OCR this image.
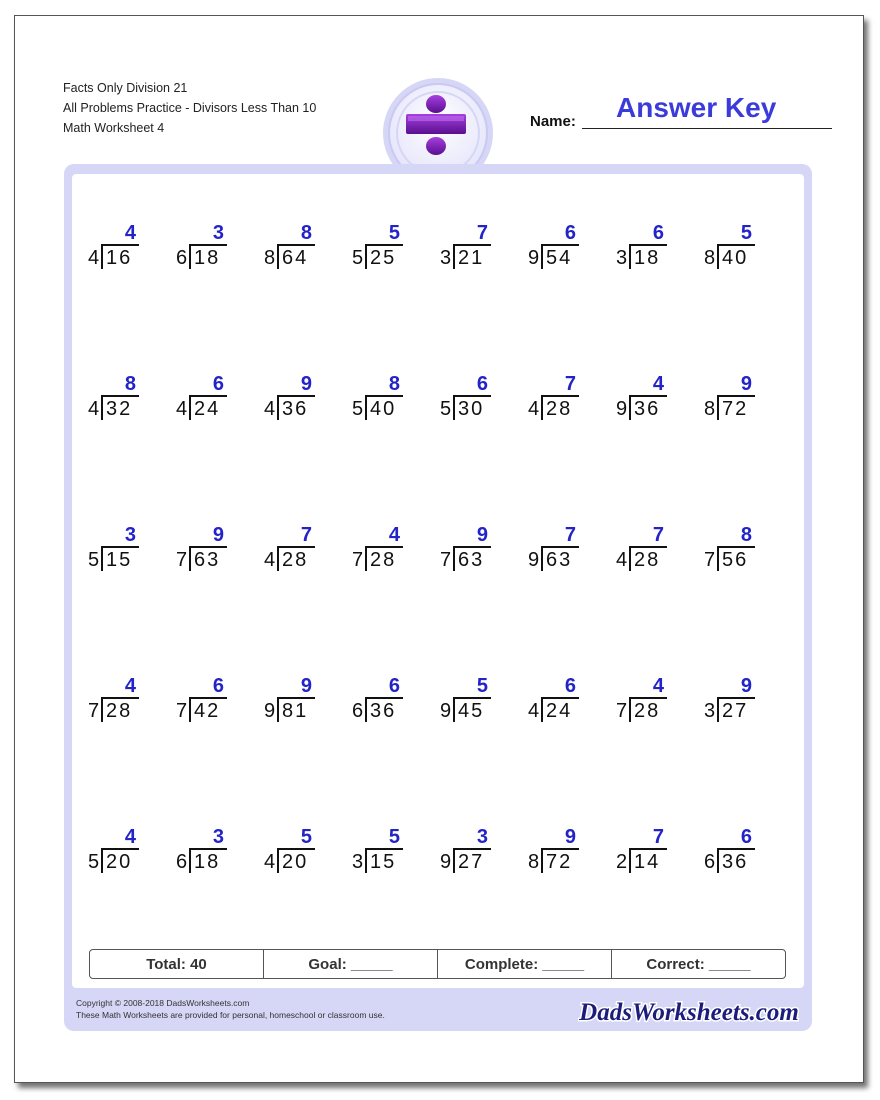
Facts Only Division 21
All Problems Practice - Divisors Less Than 10
Math Worksheet 4	Name: Answer Key
4
4 16
3
6 18
8
8 64
5
5 25
7
3 21
6
9 54
6
3 18
5
8 40
8
4 32
6
4 24
9
4 36
8
5 40
6
5 30
7
4 28
4
9 36
9
8 72
3
5 15
9
7 63
7
4 28
4
7 28
9
7 63
7
9 63
7
4 28
8
7 56
4
7 28
6
7 42
9
9 81
6
6 36
5
9 45
6
4 24
4
7 28
9
3 27
4
5 20
3
6 18
5
4 20
5
3 15
3
9 27
9
8 72
7
2 14
6
6 36
Total: 40	Goal: _____	Complete: _____	Correct: _____
Copyright © 2008-2018 DadsWorksheets.com
These Math Worksheets are provided for personal, homeschool or classroom use.	DadsWorksheets.com
